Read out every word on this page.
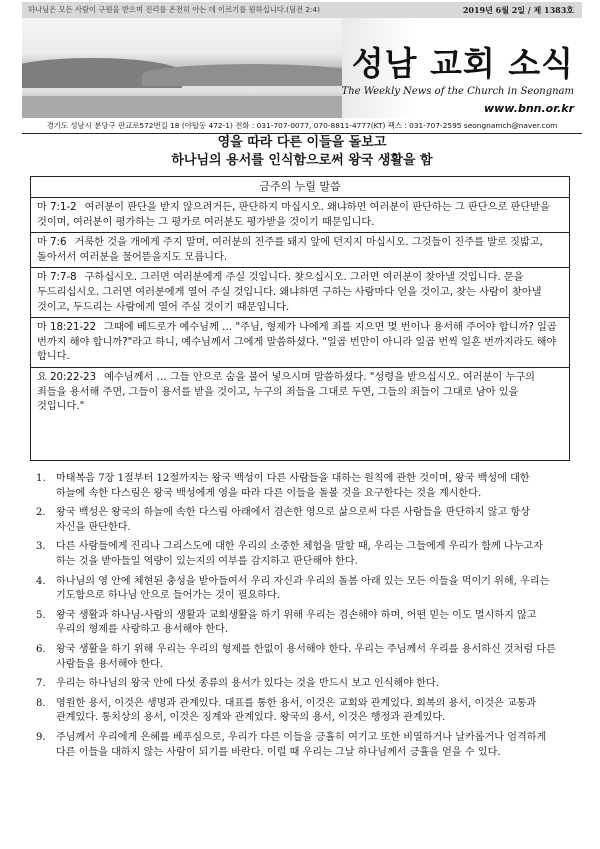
하나님은 모든 사람이 구원을 받으며 진리를 온전히 아는 데 이르기를 원하십니다.(딤전 2:4)	2019년 6월 2일 / 제 1383호
성남 교회 소식
The Weekly News of the Church in Seongnam
www.bnn.or.kr
경기도 성남시 분당구 판교로572번길 18 (야탑동 472-1) 전화 : 031-707-0077, 070-8811-4777(KT) 팩스 : 031-707-2595 seongnamch@naver.com
영을 따라 다른 이들을 돌보고
하나님의 용서를 인식함으로써 왕국 생활을 함
금주의 누릴 말씀
마 7:1-2 여러분이 판단을 받지 않으려거든, 판단하지 마십시오. 왜냐하면 여러분이 판단하는 그 판단으로 판단받을 것이며, 여러분이 평가하는 그 평가로 여러분도 평가받을 것이기 때문입니다.
마 7:6 거룩한 것을 개에게 주지 말며, 여러분의 진주를 돼지 앞에 던지지 마십시오. 그것들이 진주를 발로 짓밟고, 돌아서서 여러분을 물어뜯을지도 모릅니다.
마 7:7-8 구하십시오. 그러면 여러분에게 주실 것입니다. 찾으십시오. 그러면 여러분이 찾아낼 것입니다. 문을 두드리십시오. 그러면 여러분에게 열어 주실 것입니다. 왜냐하면 구하는 사람마다 얻을 것이고, 찾는 사람이 찾아낼 것이고, 두드리는 사람에게 열어 주실 것이기 때문입니다.
마 18:21-22 그때에 베드로가 예수님께 … "주님, 형제가 나에게 죄를 지으면 몇 번이나 용서해 주어야 합니까? 일곱 번까지 해야 합니까?"라고 하니, 예수님께서 그에게 말씀하셨다. "일곱 번만이 아니라 일곱 번씩 일흔 번까지라도 해야 합니다.
요 20:22-23 예수님께서 … 그들 안으로 숨을 불어 넣으시며 말씀하셨다. "성령을 받으십시오. 여러분이 누구의 죄들을 용서해 주면, 그들이 용서를 받을 것이고, 누구의 죄들을 그대로 두면, 그들의 죄들이 그대로 남아 있을 것입니다."
1.	마태복음 7장 1절부터 12절까지는 왕국 백성이 다른 사람들을 대하는 원칙에 관한 것이며, 왕국 백성에 대한 하늘에 속한 다스림은 왕국 백성에게 영을 따라 다른 이들을 돌볼 것을 요구한다는 것을 계시한다.
2.	왕국 백성은 왕국의 하늘에 속한 다스림 아래에서 겸손한 영으로 삶으로써 다른 사람들을 판단하지 않고 항상 자신을 판단한다.
3.	다른 사람들에게 진리나 그리스도에 대한 우리의 소중한 체험을 말할 때, 우리는 그들에게 우리가 함께 나누고자 하는 것을 받아들일 역량이 있는지의 여부를 감지하고 판단해야 한다.
4.	하나님의 영 안에 체현된 충성을 받아들여서 우리 자신과 우리의 돌봄 아래 있는 모든 이들을 먹이기 위해, 우리는 기도함으로 하나님 안으로 들어가는 것이 필요하다.
5.	왕국 생활과 하나님-사람의 생활과 교회생활을 하기 위해 우리는 겸손해야 하며, 어떤 믿는 이도 멸시하지 않고 우리의 형제를 사랑하고 용서해야 한다.
6.	왕국 생활을 하기 위해 우리는 우리의 형제를 한없이 용서해야 한다. 우리는 주님께서 우리를 용서하신 것처럼 다른 사람들을 용서해야 한다.
7.	우리는 하나님의 왕국 안에 다섯 종류의 용서가 있다는 것을 반드시 보고 인식해야 한다.
8.	영원한 용서, 이것은 생명과 관계있다. 대표를 통한 용서, 이것은 교회와 관계있다. 회복의 용서, 이것은 교통과 관계있다. 통치상의 용서, 이것은 징계와 관계있다. 왕국의 용서, 이것은 행정과 관계있다.
9.	주님께서 우리에게 은혜를 베푸심으로, 우리가 다른 이들을 긍휼히 여기고 또한 비열하거나 날카롭거나 엄격하게 다른 이들을 대하지 않는 사람이 되기를 바란다. 이럴 때 우리는 그날 하나님께서 긍휼을 얻을 수 있다.
